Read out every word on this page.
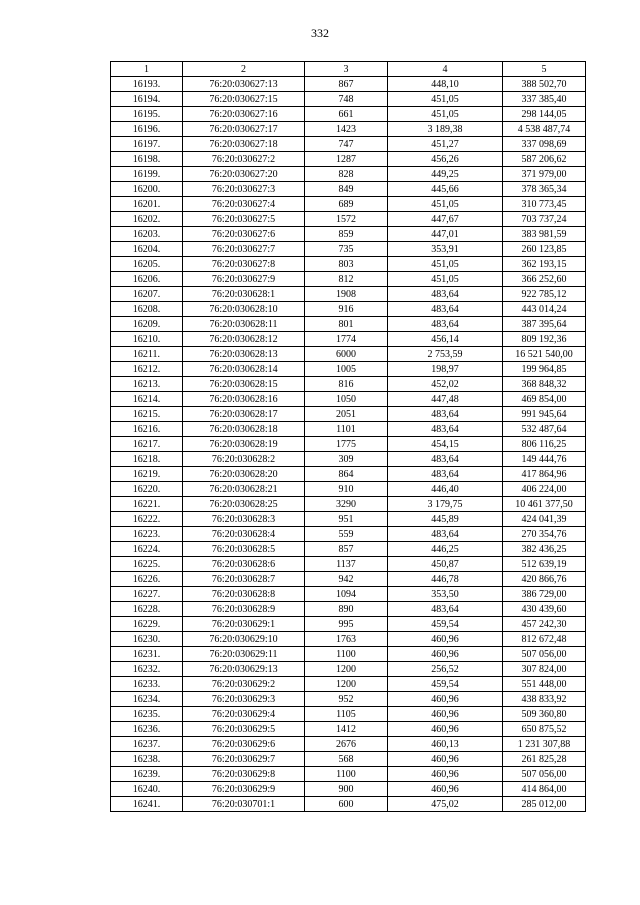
332
1	2	3	4	5
16193.	76:20:030627:13	867	448,10	388 502,70
16194.	76:20:030627:15	748	451,05	337 385,40
16195.	76:20:030627:16	661	451,05	298 144,05
16196.	76:20:030627:17	1423	3 189,38	4 538 487,74
16197.	76:20:030627:18	747	451,27	337 098,69
16198.	76:20:030627:2	1287	456,26	587 206,62
16199.	76:20:030627:20	828	449,25	371 979,00
16200.	76:20:030627:3	849	445,66	378 365,34
16201.	76:20:030627:4	689	451,05	310 773,45
16202.	76:20:030627:5	1572	447,67	703 737,24
16203.	76:20:030627:6	859	447,01	383 981,59
16204.	76:20:030627:7	735	353,91	260 123,85
16205.	76:20:030627:8	803	451,05	362 193,15
16206.	76:20:030627:9	812	451,05	366 252,60
16207.	76:20:030628:1	1908	483,64	922 785,12
16208.	76:20:030628:10	916	483,64	443 014,24
16209.	76:20:030628:11	801	483,64	387 395,64
16210.	76:20:030628:12	1774	456,14	809 192,36
16211.	76:20:030628:13	6000	2 753,59	16 521 540,00
16212.	76:20:030628:14	1005	198,97	199 964,85
16213.	76:20:030628:15	816	452,02	368 848,32
16214.	76:20:030628:16	1050	447,48	469 854,00
16215.	76:20:030628:17	2051	483,64	991 945,64
16216.	76:20:030628:18	1101	483,64	532 487,64
16217.	76:20:030628:19	1775	454,15	806 116,25
16218.	76:20:030628:2	309	483,64	149 444,76
16219.	76:20:030628:20	864	483,64	417 864,96
16220.	76:20:030628:21	910	446,40	406 224,00
16221.	76:20:030628:25	3290	3 179,75	10 461 377,50
16222.	76:20:030628:3	951	445,89	424 041,39
16223.	76:20:030628:4	559	483,64	270 354,76
16224.	76:20:030628:5	857	446,25	382 436,25
16225.	76:20:030628:6	1137	450,87	512 639,19
16226.	76:20:030628:7	942	446,78	420 866,76
16227.	76:20:030628:8	1094	353,50	386 729,00
16228.	76:20:030628:9	890	483,64	430 439,60
16229.	76:20:030629:1	995	459,54	457 242,30
16230.	76:20:030629:10	1763	460,96	812 672,48
16231.	76:20:030629:11	1100	460,96	507 056,00
16232.	76:20:030629:13	1200	256,52	307 824,00
16233.	76:20:030629:2	1200	459,54	551 448,00
16234.	76:20:030629:3	952	460,96	438 833,92
16235.	76:20:030629:4	1105	460,96	509 360,80
16236.	76:20:030629:5	1412	460,96	650 875,52
16237.	76:20:030629:6	2676	460,13	1 231 307,88
16238.	76:20:030629:7	568	460,96	261 825,28
16239.	76:20:030629:8	1100	460,96	507 056,00
16240.	76:20:030629:9	900	460,96	414 864,00
16241.	76:20:030701:1	600	475,02	285 012,00
